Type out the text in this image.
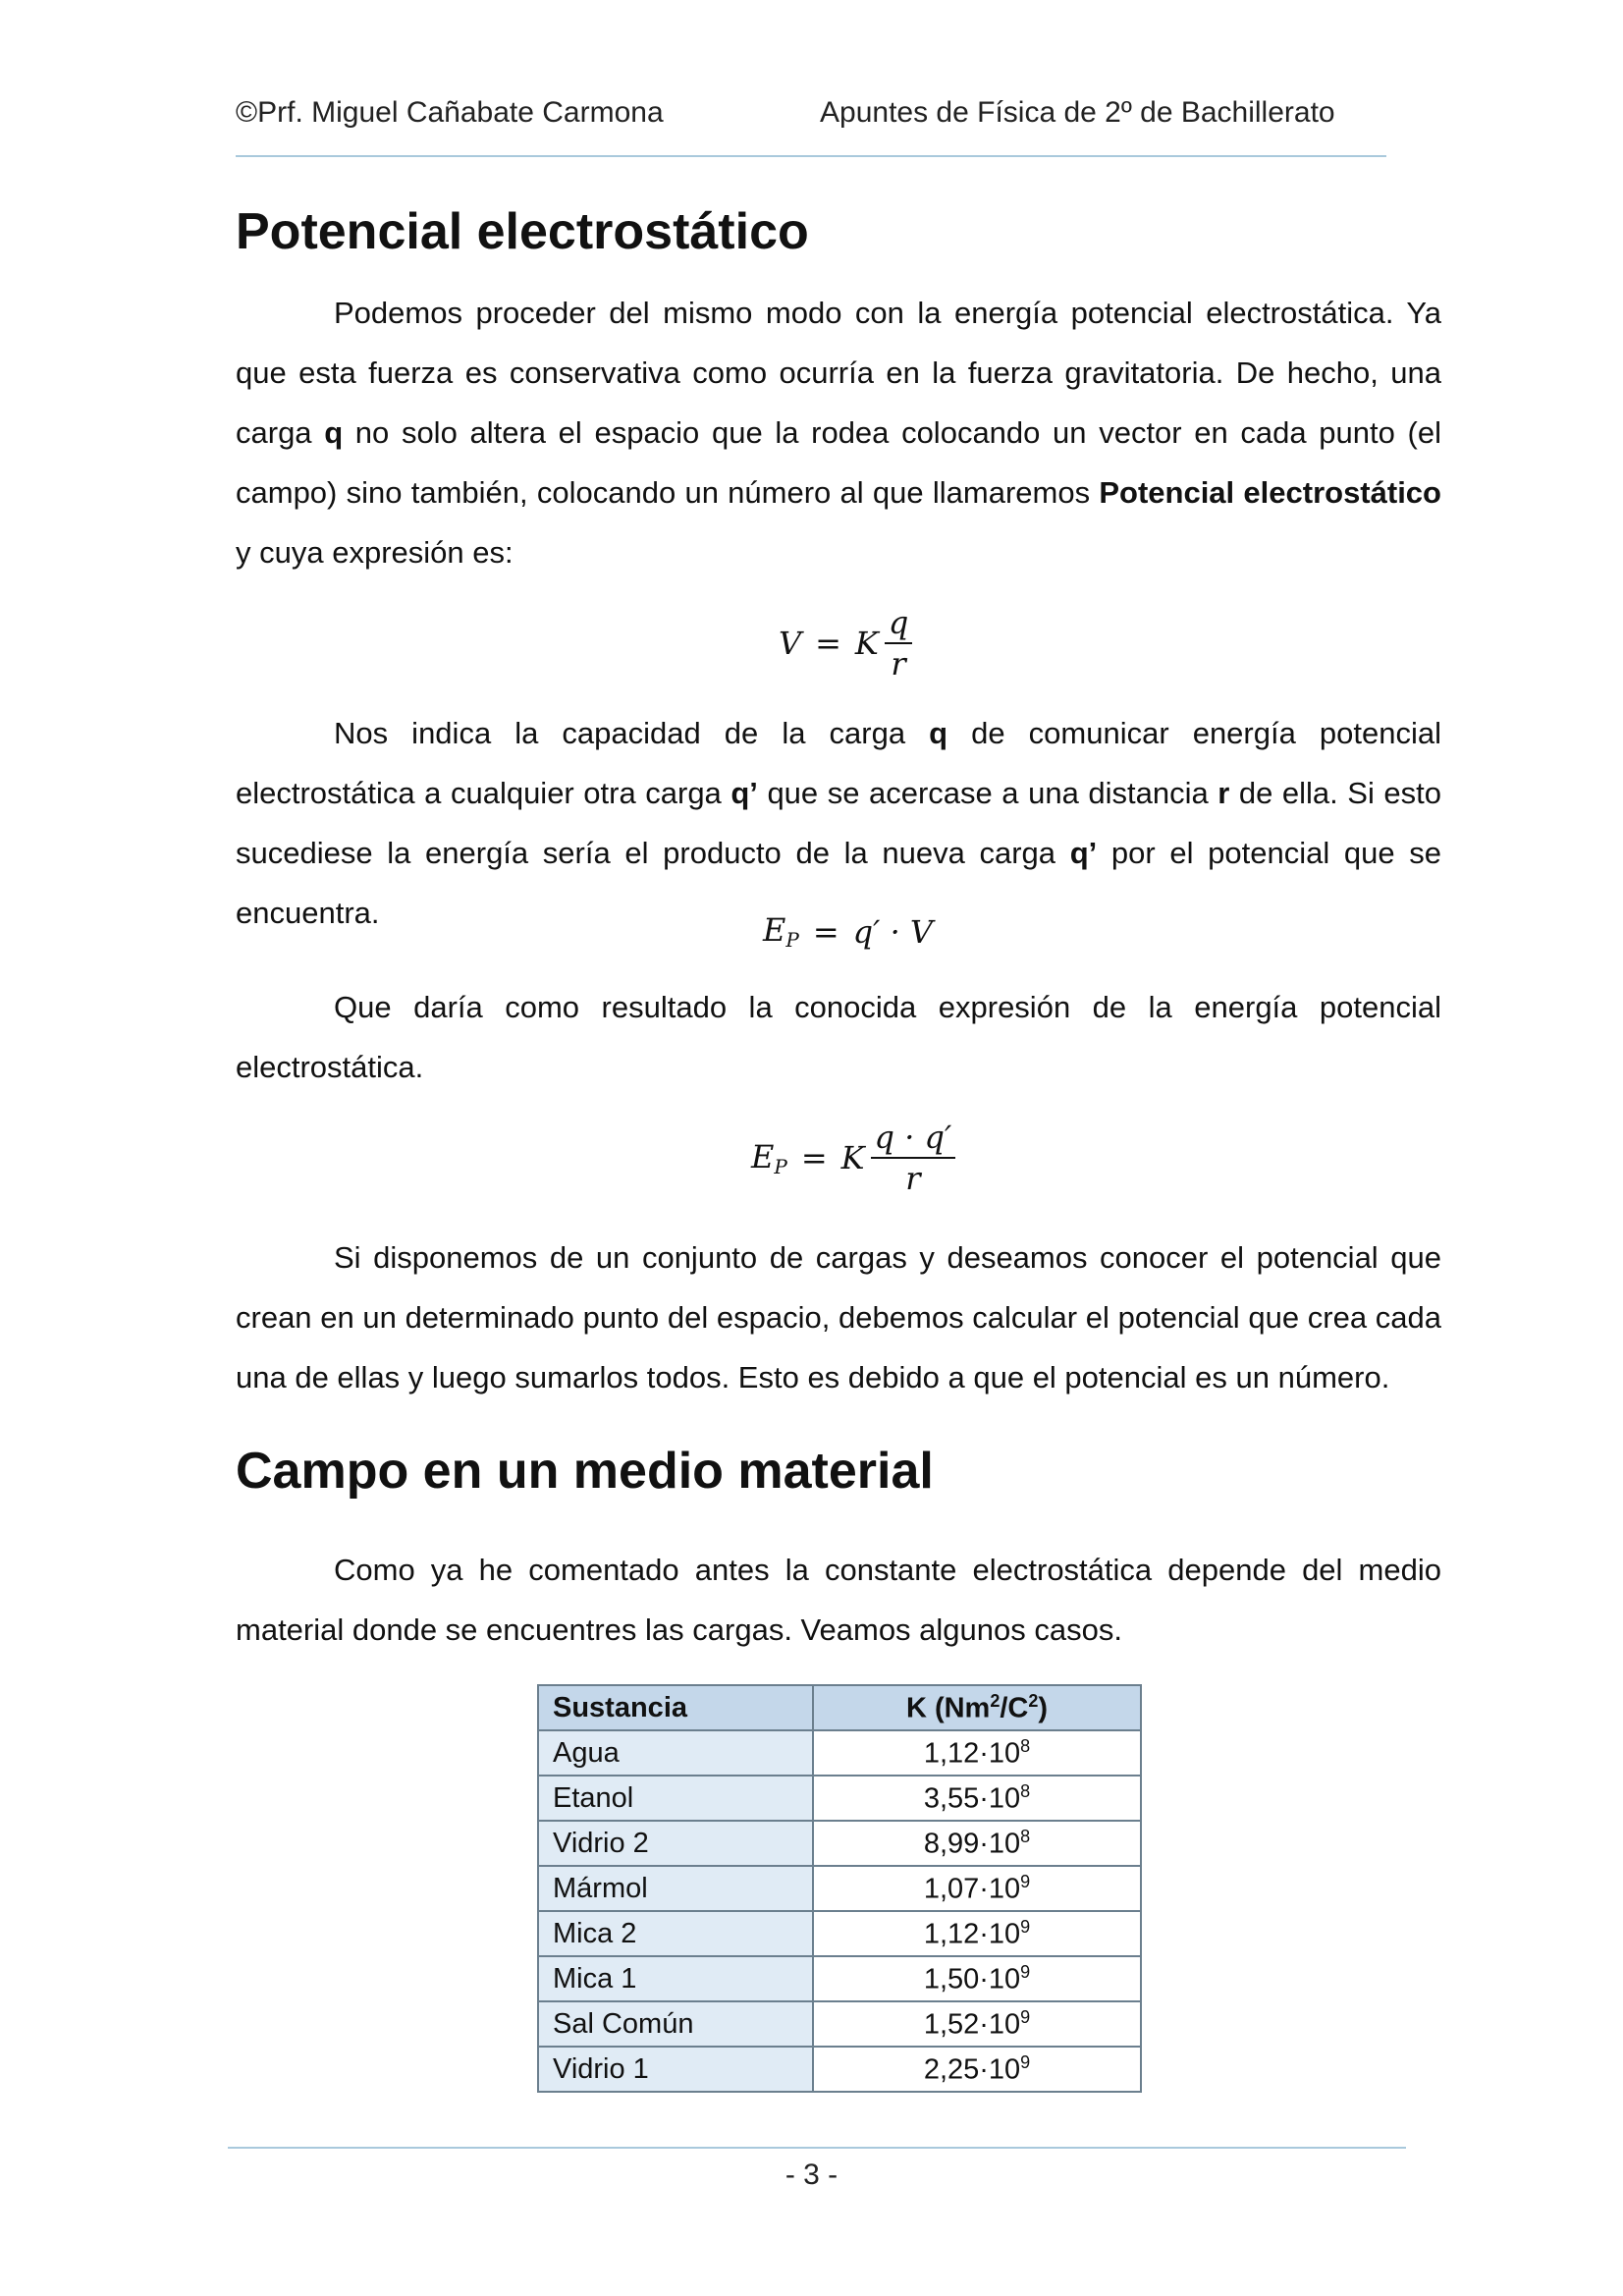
©Prf. Miguel Cañabate Carmona	Apuntes de Física de 2º de Bachillerato
Potencial electrostático

Podemos proceder del mismo modo con la energía potencial electrostática. Ya que esta fuerza es conservativa como ocurría en la fuerza gravitatoria. De hecho, una carga q no solo altera el espacio que la rodea colocando un vector en cada punto (el campo) sino también, colocando un número al que llamaremos Potencial electrostático y cuya expresión es:

V = K $\frac{q}{r}$

Nos indica la capacidad de la carga q de comunicar energía potencial electrostática a cualquier otra carga q’ que se acercase a una distancia r de ella. Si esto sucediese la energía sería el producto de la nueva carga q’ por el potencial que se encuentra.	$E_P = q' \cdot V$

Que daría como resultado la conocida expresión de la energía potencial electrostática.

$E_P = K \frac{q \cdot q'}{r}$

Si disponemos de un conjunto de cargas y deseamos conocer el potencial que crean en un determinado punto del espacio, debemos calcular el potencial que crea cada una de ellas y luego sumarlos todos. Esto es debido a que el potencial es un número.

Campo en un medio material

Como ya he comentado antes la constante electrostática depende del medio material donde se encuentres las cargas. Veamos algunos casos.

Sustancia	K $(Nm^2/C^2)$
Agua	$1,12\cdot 10^8$
Etanol	$3,55\cdot 10^8$
Vidrio 2	$8,99\cdot 10^8$
Mármol	$1,07\cdot 10^9$
Mica 2	$1,12\cdot 10^9$
Mica 1	$1,50\cdot 10^9$
Sal Común	$1,52\cdot 10^9$
Vidrio 1	$2,25\cdot 10^9$
- 3 -
